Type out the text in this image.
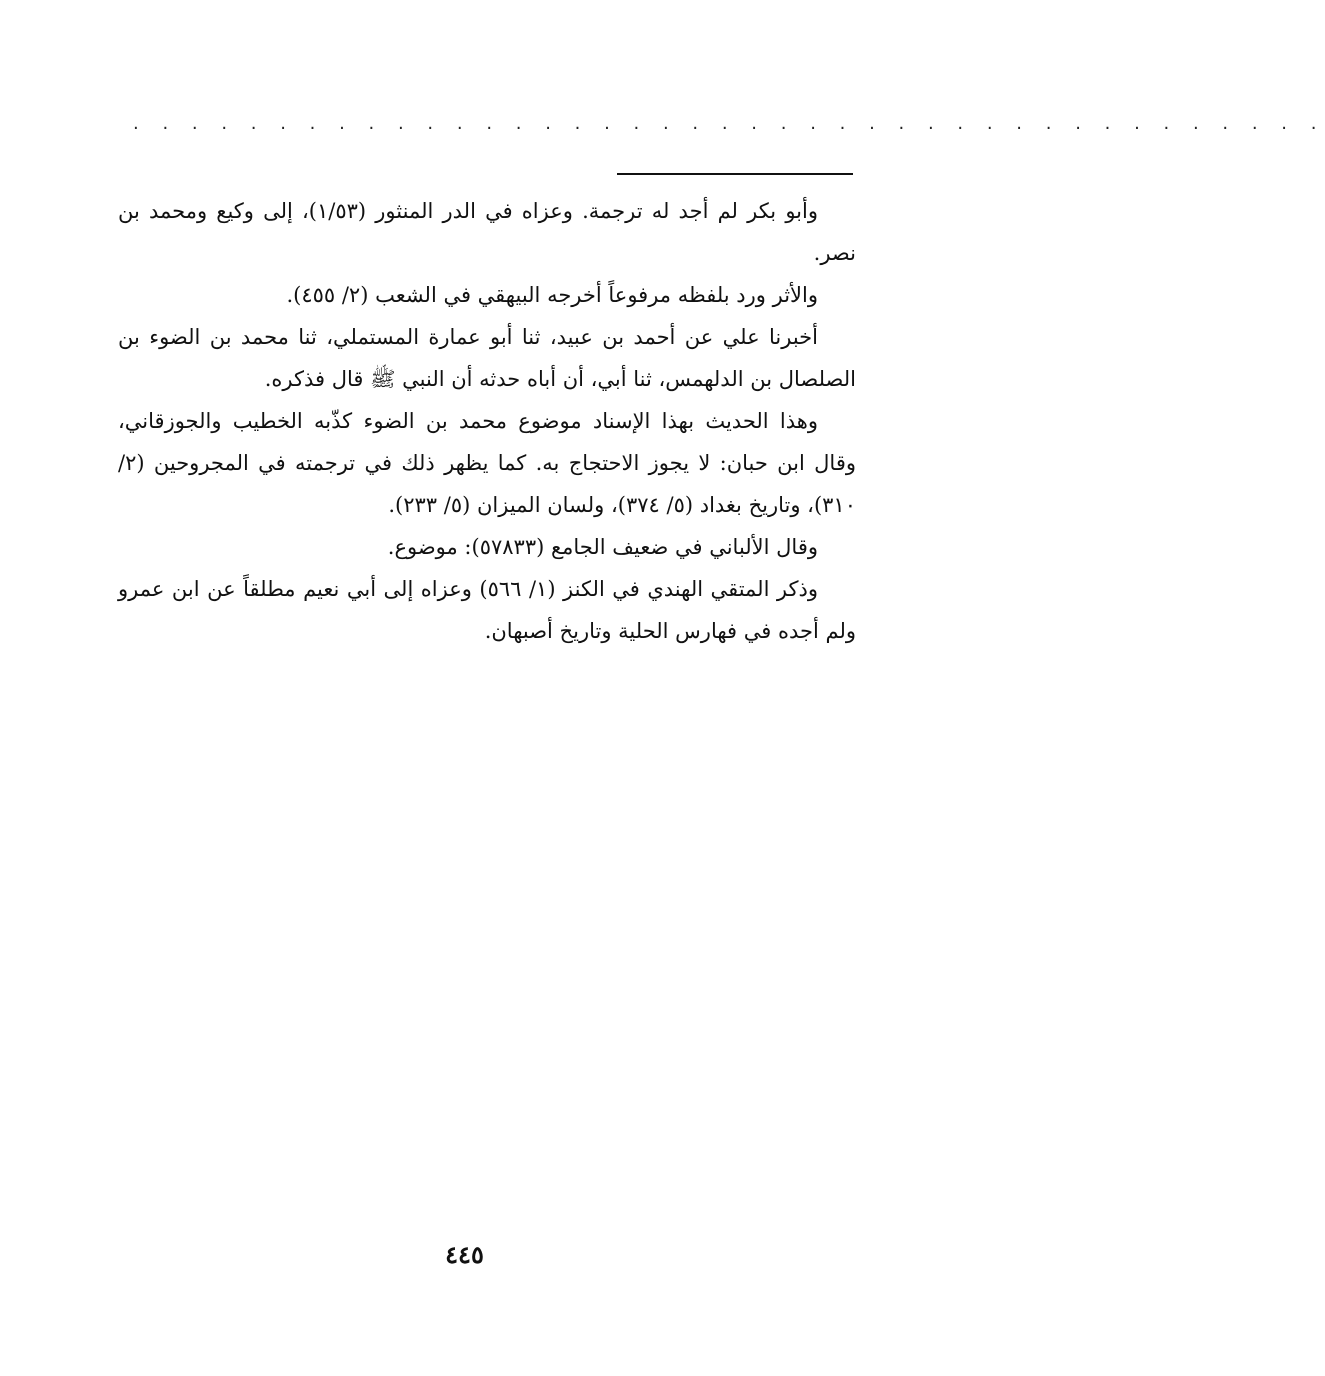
. . . . . . . . . . . . . . . . . . . . . . . . . . . . . . . . . . . . . . . . .

وأبو بكر لم أجد له ترجمة. وعزاه في الدر المنثور (١/٥٣)، إلى وكيع ومحمد بن نصر.

والأثر ورد بلفظه مرفوعاً أخرجه البيهقي في الشعب (٢/ ٤٥٥).

أخبرنا علي عن أحمد بن عبيد، ثنا أبو عمارة المستملي، ثنا محمد بن الضوء بن الصلصال بن الدلهمس، ثنا أبي، أن أباه حدثه أن النبي ﷺ قال فذكره.

وهذا الحديث بهذا الإسناد موضوع محمد بن الضوء كذّبه الخطيب والجوزقاني، وقال ابن حبان: لا يجوز الاحتجاج به. كما يظهر ذلك في ترجمته في المجروحين (٢/ ٣١٠)، وتاريخ بغداد (٥/ ٣٧٤)، ولسان الميزان (٥/ ٢٣٣).

وقال الألباني في ضعيف الجامع (٥٧٨٣٣): موضوع.

وذكر المتقي الهندي في الكنز (١/ ٥٦٦) وعزاه إلى أبي نعيم مطلقاً عن ابن عمرو ولم أجده في فهارس الحلية وتاريخ أصبهان.

٤٤٥
